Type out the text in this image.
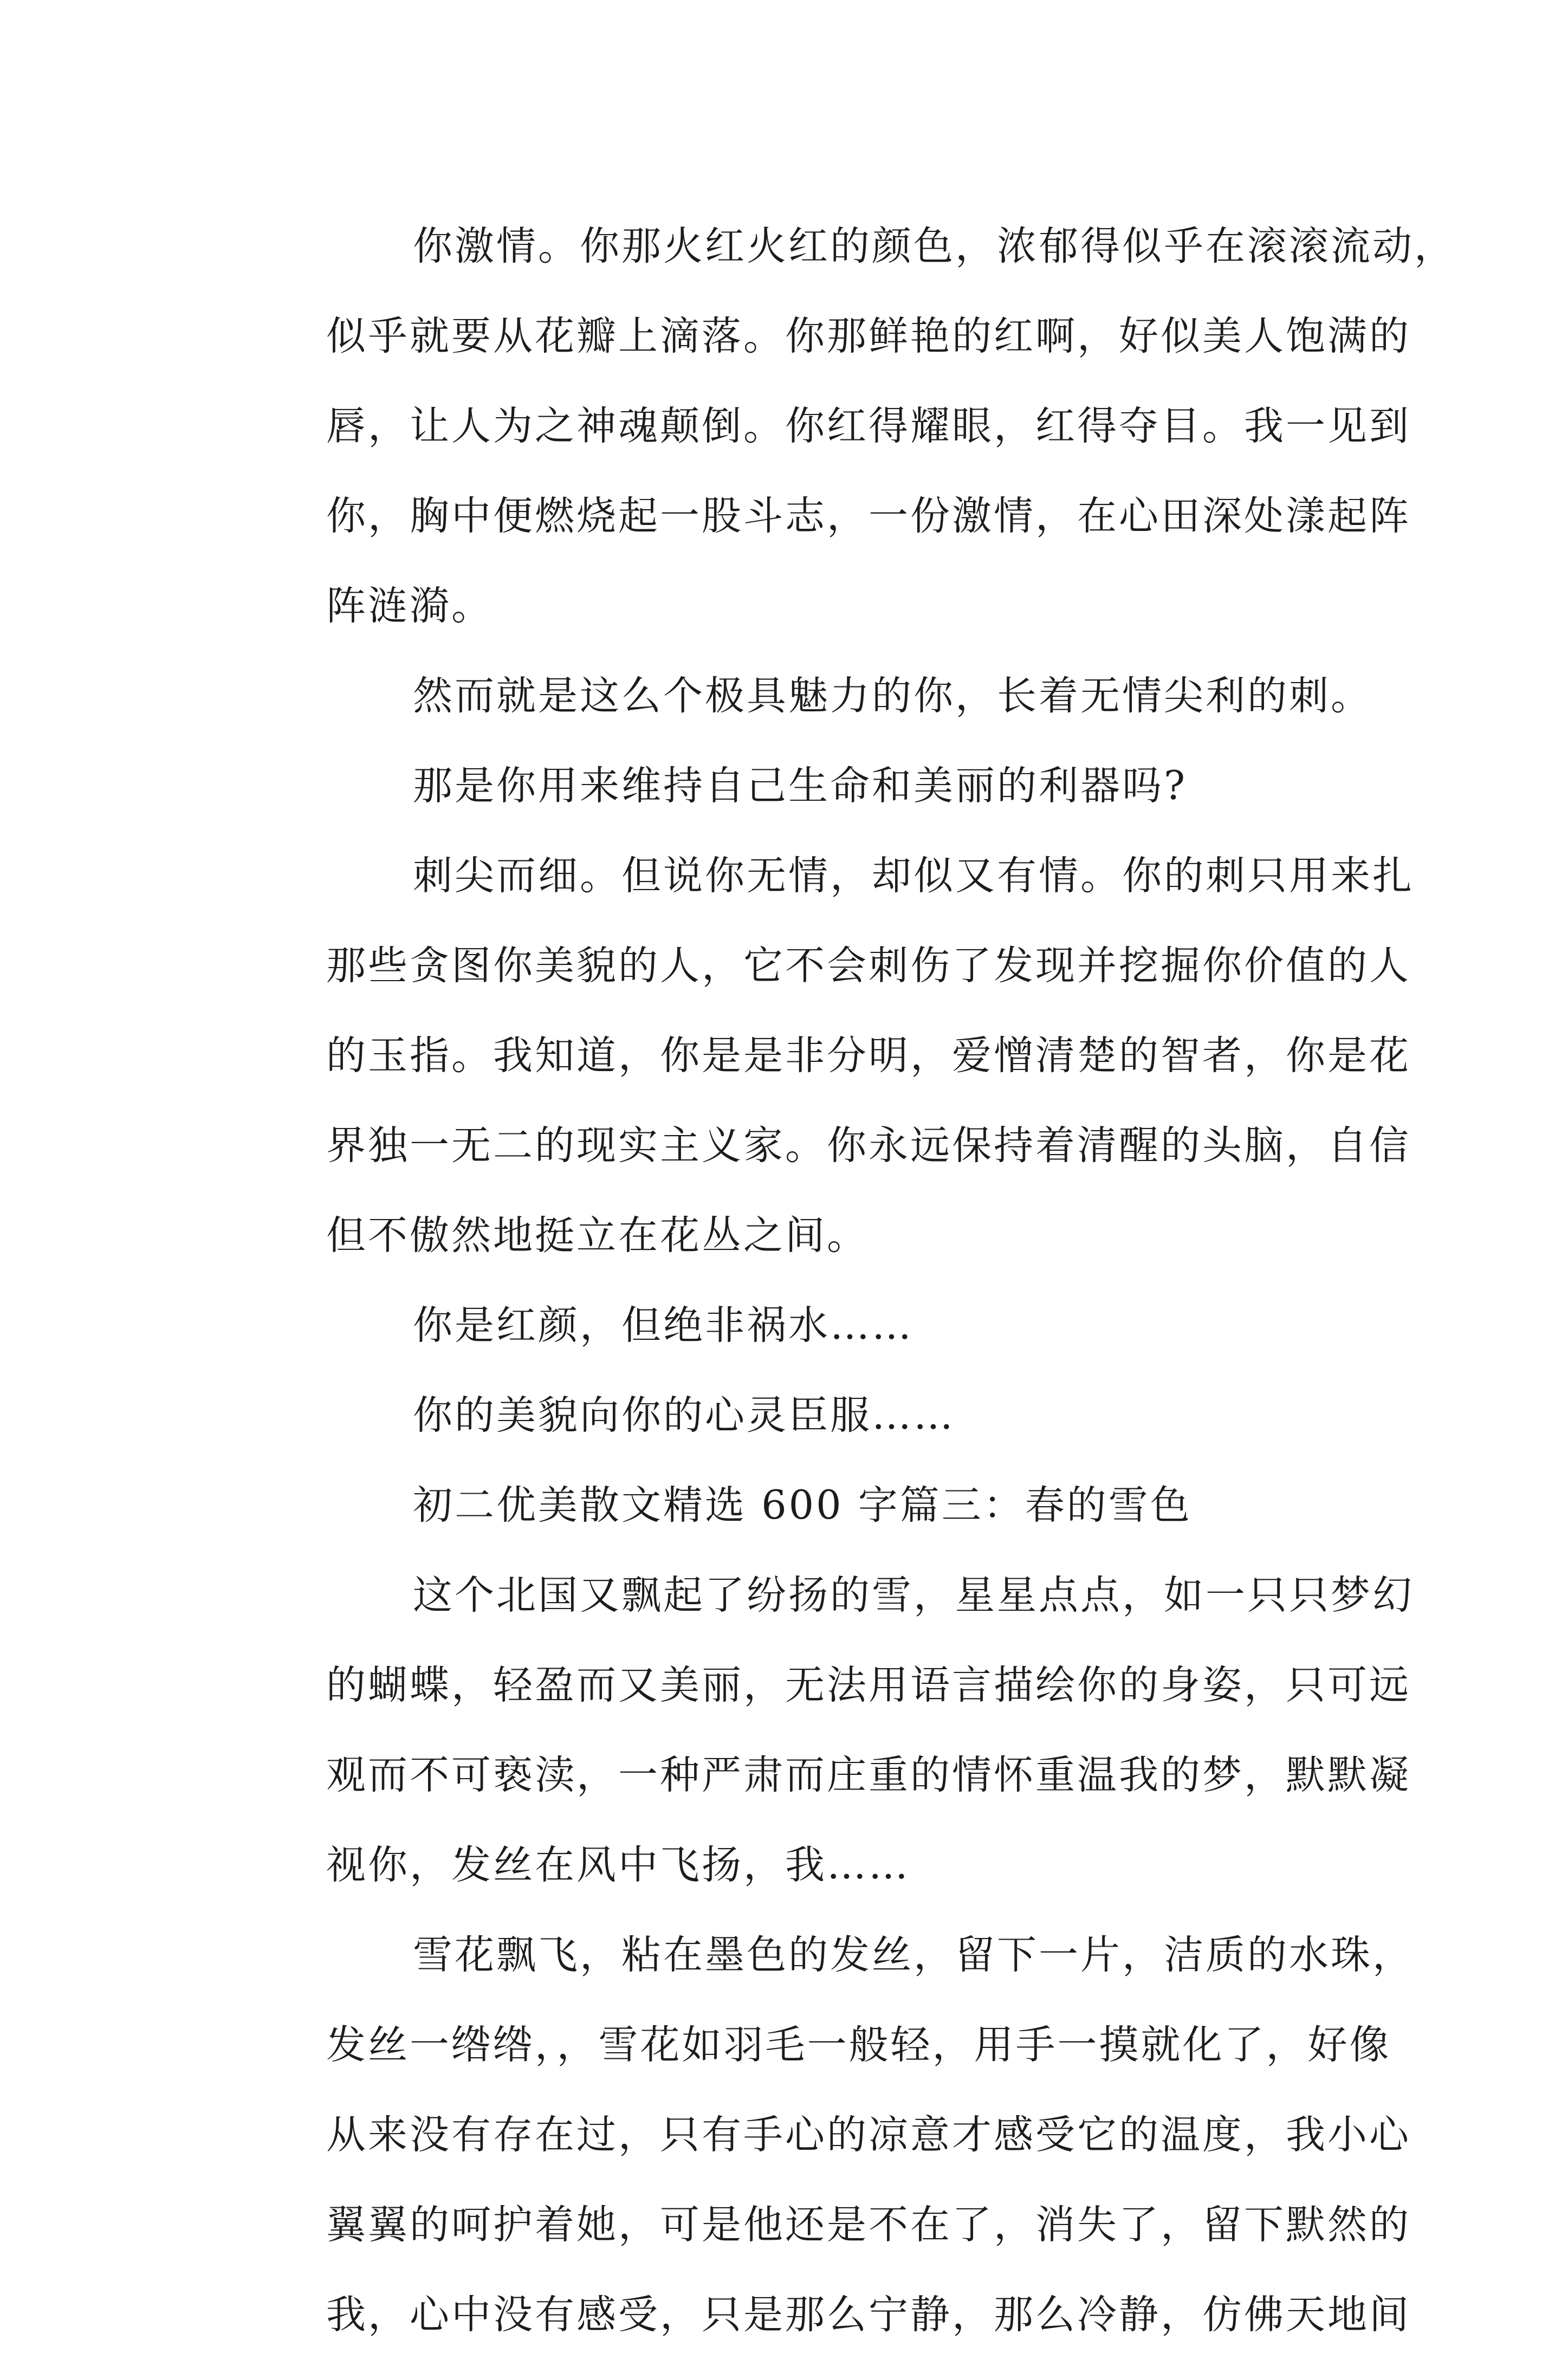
你激情。你那火红火红的颜色，浓郁得似乎在滚滚流动，
似乎就要从花瓣上滴落。你那鲜艳的红啊，好似美人饱满的
唇，让人为之神魂颠倒。你红得耀眼，红得夺目。我一见到
你，胸中便燃烧起一股斗志，一份激情，在心田深处漾起阵
阵涟漪。
然而就是这么个极具魅力的你，长着无情尖利的刺。
那是你用来维持自己生命和美丽的利器吗?
刺尖而细。但说你无情，却似又有情。你的刺只用来扎
那些贪图你美貌的人，它不会刺伤了发现并挖掘你价值的人
的玉指。我知道，你是是非分明，爱憎清楚的智者，你是花
界独一无二的现实主义家。你永远保持着清醒的头脑，自信
但不傲然地挺立在花丛之间。
你是红颜，但绝非祸水……
你的美貌向你的心灵臣服……
初二优美散文精选 600 字篇三：春的雪色
这个北国又飘起了纷扬的雪，星星点点，如一只只梦幻
的蝴蝶，轻盈而又美丽，无法用语言描绘你的身姿，只可远
观而不可亵渎，一种严肃而庄重的情怀重温我的梦，默默凝
视你，发丝在风中飞扬，我……
雪花飘飞，粘在墨色的发丝，留下一片，洁质的水珠，
发丝一绺绺，，雪花如羽毛一般轻，用手一摸就化了，好像
从来没有存在过，只有手心的凉意才感受它的温度，我小心
翼翼的呵护着她，可是他还是不在了，消失了，留下默然的
我，心中没有感受，只是那么宁静，那么冷静，仿佛天地间
